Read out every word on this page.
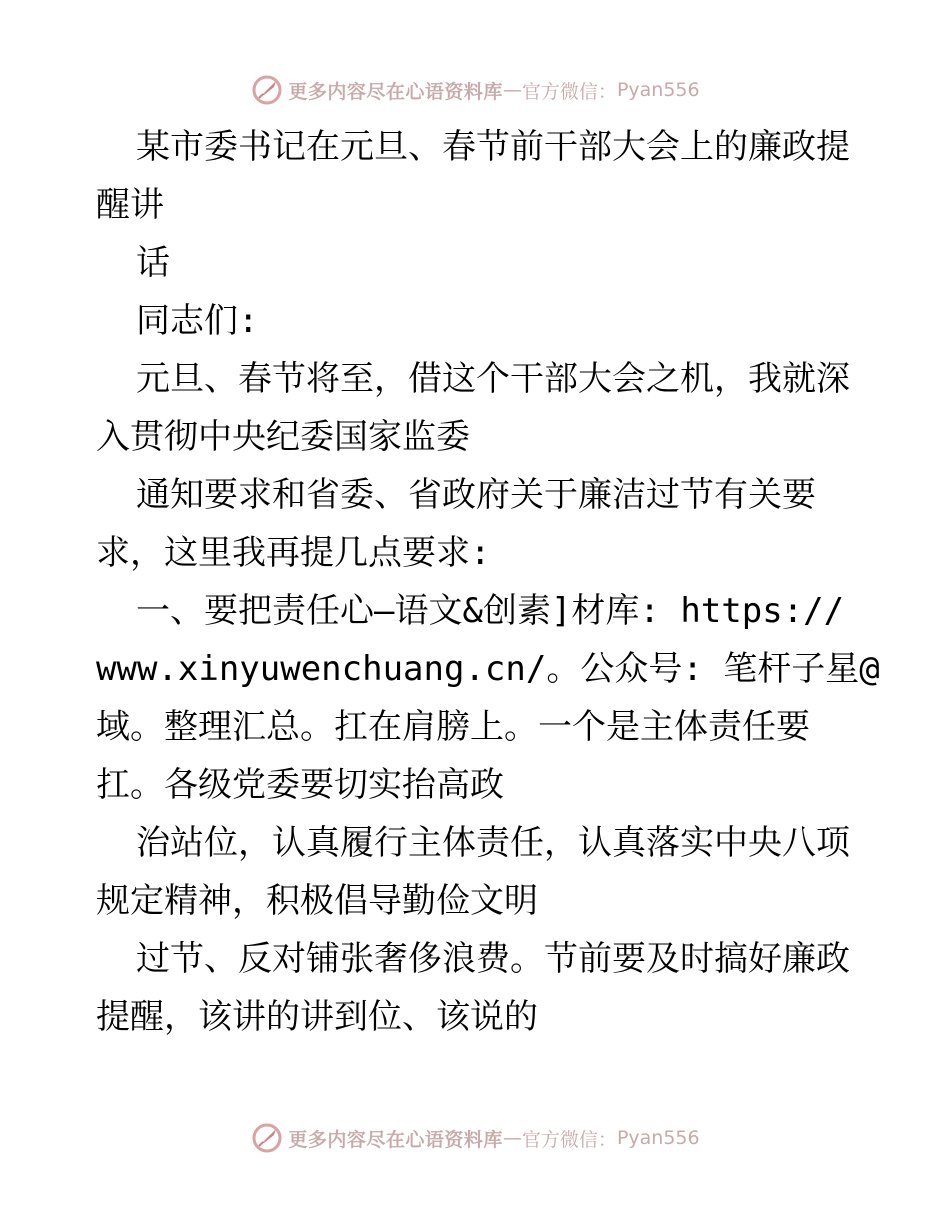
更多内容尽在心语资料库 — 官方微信： Pyan556
某市委书记在元旦、春节前干部大会上的廉政提
醒讲
话
同志们:
元旦、春节将至，借这个干部大会之机，我就深
入贯彻中央纪委国家监委
通知要求和省委、省政府关于廉洁过节有关要
求，这里我再提几点要求:
一、要把责任心—语文&创素]材库: https://
www.xinyuwenchuang.cn/。公众号: 笔杆子星@
域。整理汇总。扛在肩膀上。一个是主体责任要
扛。各级党委要切实抬高政
治站位，认真履行主体责任，认真落实中央八项
规定精神，积极倡导勤俭文明
过节、反对铺张奢侈浪费。节前要及时搞好廉政
提醒，该讲的讲到位、该说的
更多内容尽在心语资料库 — 官方微信： Pyan556
